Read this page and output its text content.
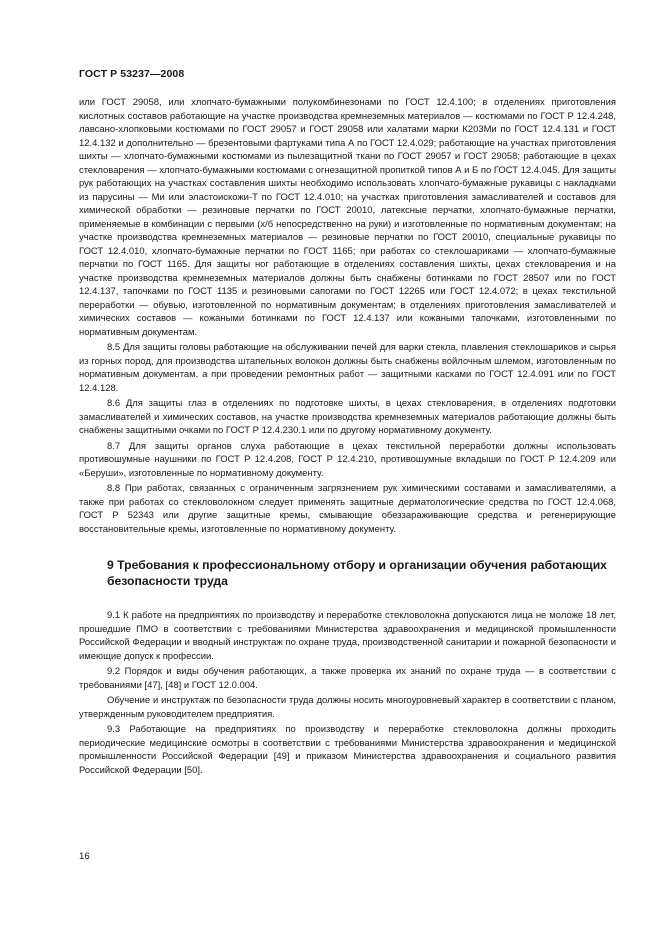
ГОСТ Р 53237—2008

или ГОСТ 29058, или хлопчато-бумажными полукомбинезонами по ГОСТ 12.4.100; в отделениях приготовления кислотных составов работающие на участке производства кремнеземных материалов — костюмами по ГОСТ Р 12.4.248, лавсано-хлопковыми костюмами по ГОСТ 29057 и ГОСТ 29058 или халатами марки К203Ми по ГОСТ 12.4.131 и ГОСТ 12.4.132 и дополнительно — брезентовыми фартуками типа А по ГОСТ 12.4.029; работающие на участках приготовления шихты — хлопчато-бумажными костюмами из пылезащитной ткани по ГОСТ 29057 и ГОСТ 29058; работающие в цехах стекловарения — хлопчато-бумажными костюмами с огнезащитной пропиткой типов А и Б по ГОСТ 12.4.045. Для защиты рук работающих на участках составления шихты необходимо использовать хлопчато-бумажные рукавицы с накладками из парусины — Ми или эластоискожи-Т по ГОСТ 12.4.010; на участках приготовления замасливателей и составов для химической обработки — резиновые перчатки по ГОСТ 20010, латексные перчатки, хлопчато-бумажные перчатки, применяемые в комбинации с первыми (х/б непосредственно на руки) и изготовленные по нормативным документам; на участке производства кремнеземных материалов — резиновые перчатки по ГОСТ 20010, специальные рукавицы по ГОСТ 12.4.010, хлопчато-бумажные перчатки по ГОСТ 1165; при работах со стеклошариками — хлопчато-бумажные перчатки по ГОСТ 1165. Для защиты ног работающие в отделениях составления шихты, цехах стекловарения и на участке производства кремнеземных материалов должны быть снабжены ботинками по ГОСТ 28507 или по ГОСТ 12.4.137, тапочками по ГОСТ 1135 и резиновыми сапогами по ГОСТ 12265 или ГОСТ 12.4.072; в цехах текстильной переработки — обувью, изготовленной по нормативным документам; в отделениях приготовления замасливателей и химических составов — кожаными ботинками по ГОСТ 12.4.137 или кожаными тапочками, изготовленными по нормативным документам.

8.5 Для защиты головы работающие на обслуживании печей для варки стекла, плавления стеклошариков и сырья из горных пород, для производства штапельных волокон должны быть снабжены войлочным шлемом, изготовленным по нормативным документам, а при проведении ремонтных работ — защитными касками по ГОСТ 12.4.091 или по ГОСТ 12.4.128.

8.6 Для защиты глаз в отделениях по подготовке шихты, в цехах стекловарения, в отделениях подготовки замасливателей и химических составов, на участке производства кремнеземных материалов работающие должны быть снабжены защитными очками по ГОСТ Р 12.4.230.1 или по другому нормативному документу.

8.7 Для защиты органов слуха работающие в цехах текстильной переработки должны использовать противошумные наушники по ГОСТ Р 12.4.208, ГОСТ Р 12.4.210, противошумные вкладыши по ГОСТ Р 12.4.209 или «Беруши», изготовленные по нормативному документу.

8.8 При работах, связанных с ограниченным загрязнением рук химическими составами и замасливателями, а также при работах со стекловолокном следует применять защитные дерматологические средства по ГОСТ 12.4.068, ГОСТ Р 52343 или другие защитные кремы, смывающие обеззараживающие средства и регенерирующие восстановительные кремы, изготовленные по нормативному документу.

9 Требования к профессиональному отбору и организации обучения работающих безопасности труда

9.1 К работе на предприятиях по производству и переработке стекловолокна допускаются лица не моложе 18 лет, прошедшие ПМО в соответствии с требованиями Министерства здравоохранения и медицинской промышленности Российской Федерации и вводный инструктаж по охране труда, производственной санитарии и пожарной безопасности и имеющие допуск к профессии.

9.2 Порядок и виды обучения работающих, а также проверка их знаний по охране труда — в соответствии с требованиями [47], [48] и ГОСТ 12.0.004.

Обучение и инструктаж по безопасности труда должны носить многоуровневый характер в соответствии с планом, утвержденным руководителем предприятия.

9.3 Работающие на предприятиях по производству и переработке стекловолокна должны проходить периодические медицинские осмотры в соответствии с требованиями Министерства здравоохранения и медицинской промышленности Российской Федерации [49] и приказом Министерства здравоохранения и социального развития Российской Федерации [50].

16
